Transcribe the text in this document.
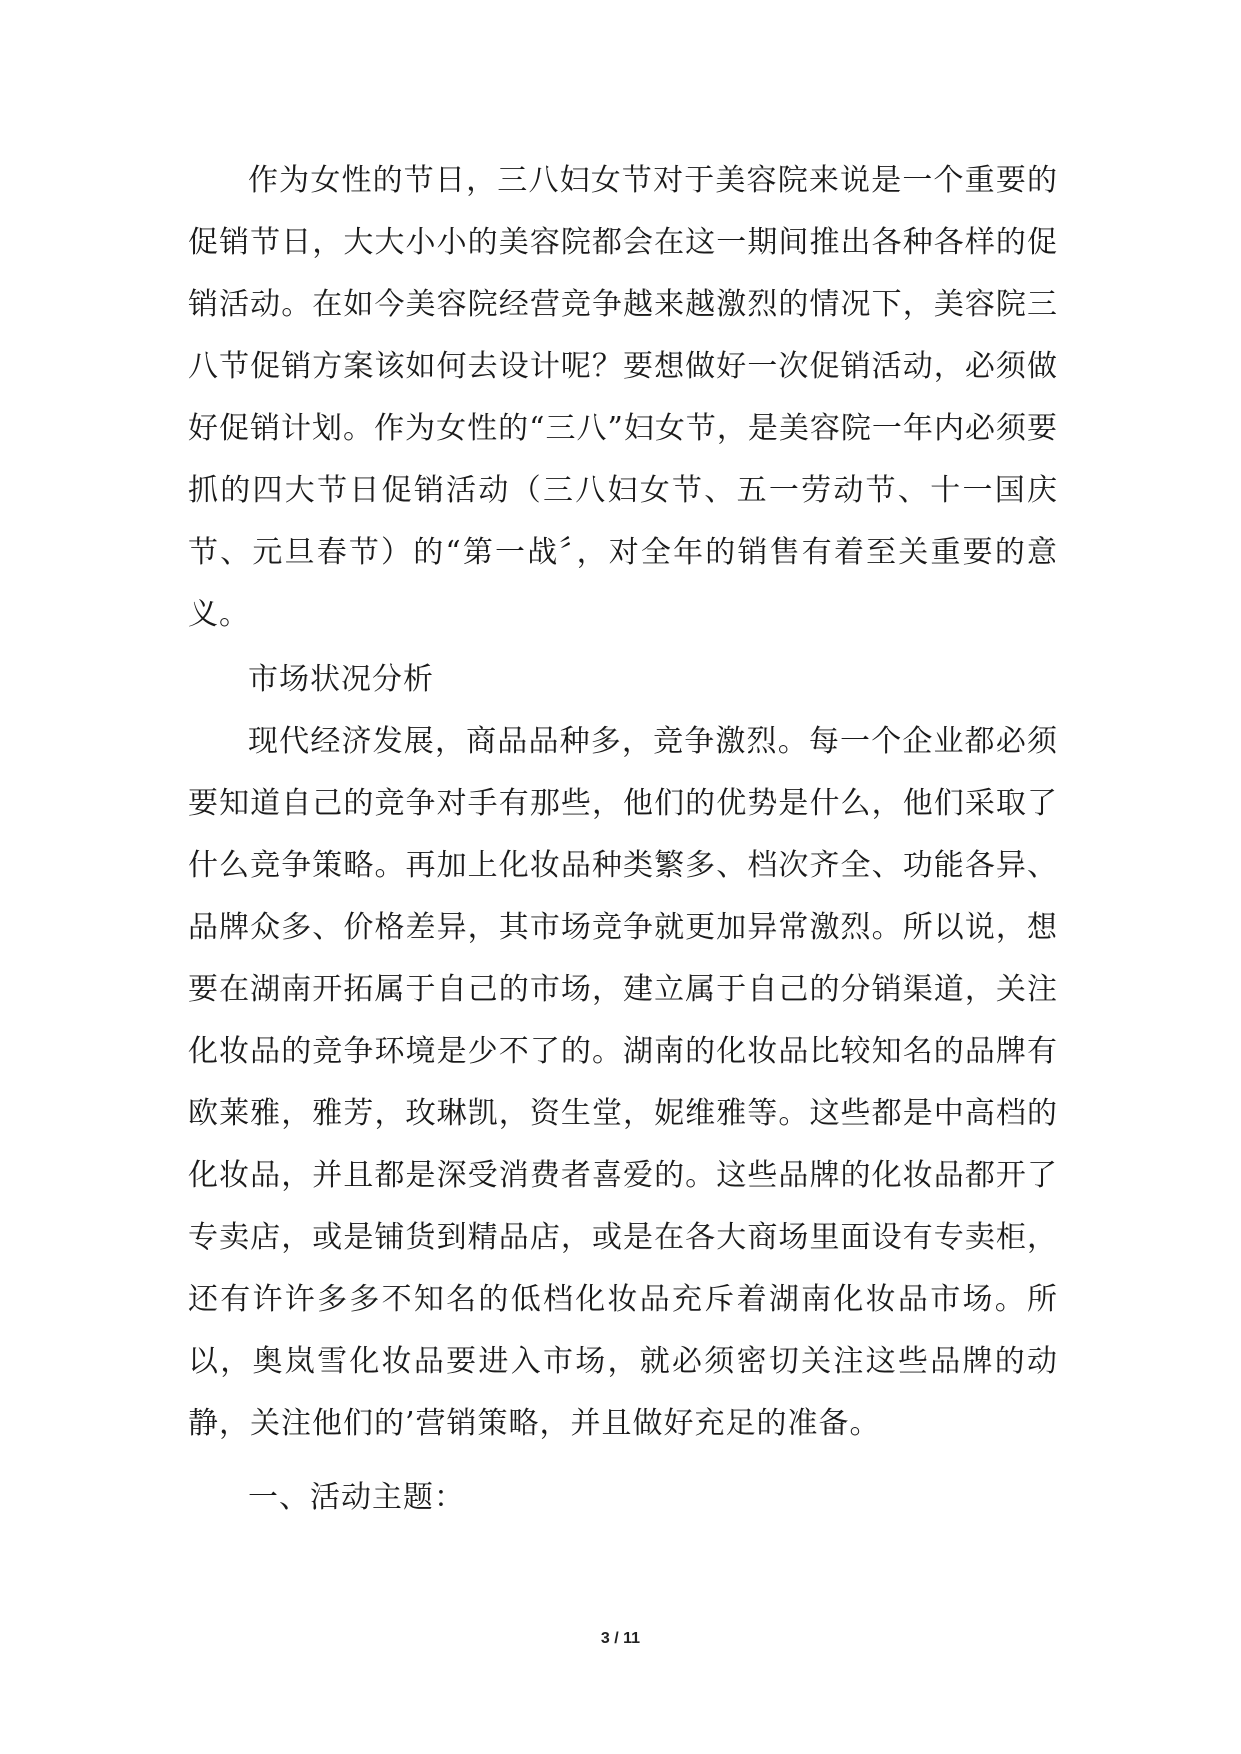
作为女性的节日，三八妇女节对于美容院来说是一个重要的促销节日，大大小小的美容院都会在这一期间推出各种各样的促销活动。在如今美容院经营竞争越来越激烈的情况下，美容院三八节促销方案该如何去设计呢？要想做好一次促销活动，必须做好促销计划。作为女性的“三八”妇女节，是美容院一年内必须要抓的四大节日促销活动（三八妇女节、五一劳动节、十一国庆节、元旦春节）的“第一战〞，对全年的销售有着至关重要的意义。

市场状况分析

现代经济发展，商品品种多，竞争激烈。每一个企业都必须要知道自己的竞争对手有那些，他们的优势是什么，他们采取了什么竞争策略。再加上化妆品种类繁多、档次齐全、功能各异、品牌众多、价格差异，其市场竞争就更加异常激烈。所以说，想要在湖南开拓属于自己的市场，建立属于自己的分销渠道，关注化妆品的竞争环境是少不了的。湖南的化妆品比较知名的品牌有欧莱雅，雅芳，玫琳凯，资生堂，妮维雅等。这些都是中高档的化妆品，并且都是深受消费者喜爱的。这些品牌的化妆品都开了专卖店，或是铺货到精品店，或是在各大商场里面设有专卖柜，还有许许多多不知名的低档化妆品充斥着湖南化妆品市场。所以，奥岚雪化妆品要进入市场，就必须密切关注这些品牌的动静，关注他们的’营销策略，并且做好充足的准备。

一、活动主题：

3 / 11
